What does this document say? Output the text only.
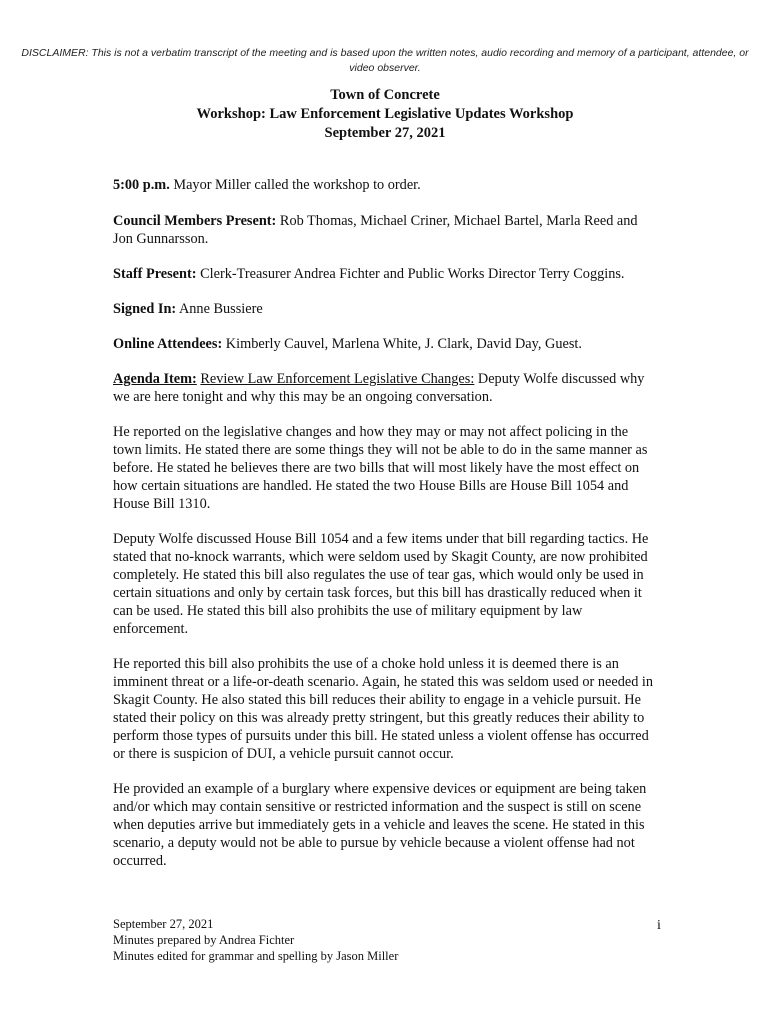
DISCLAIMER: This is not a verbatim transcript of the meeting and is based upon the written notes, audio recording and memory of a participant, attendee, or video observer.
Town of Concrete
Workshop: Law Enforcement Legislative Updates Workshop
September 27, 2021

5:00 p.m. Mayor Miller called the workshop to order.

Council Members Present: Rob Thomas, Michael Criner, Michael Bartel, Marla Reed and Jon Gunnarsson.

Staff Present: Clerk-Treasurer Andrea Fichter and Public Works Director Terry Coggins.

Signed In: Anne Bussiere

Online Attendees: Kimberly Cauvel, Marlena White, J. Clark, David Day, Guest.

Agenda Item: Review Law Enforcement Legislative Changes: Deputy Wolfe discussed why we are here tonight and why this may be an ongoing conversation.

He reported on the legislative changes and how they may or may not affect policing in the town limits. He stated there are some things they will not be able to do in the same manner as before. He stated he believes there are two bills that will most likely have the most effect on how certain situations are handled. He stated the two House Bills are House Bill 1054 and House Bill 1310.

Deputy Wolfe discussed House Bill 1054 and a few items under that bill regarding tactics. He stated that no-knock warrants, which were seldom used by Skagit County, are now prohibited completely. He stated this bill also regulates the use of tear gas, which would only be used in certain situations and only by certain task forces, but this bill has drastically reduced when it can be used. He stated this bill also prohibits the use of military equipment by law enforcement.

He reported this bill also prohibits the use of a choke hold unless it is deemed there is an imminent threat or a life-or-death scenario. Again, he stated this was seldom used or needed in Skagit County. He also stated this bill reduces their ability to engage in a vehicle pursuit. He stated their policy on this was already pretty stringent, but this greatly reduces their ability to perform those types of pursuits under this bill. He stated unless a violent offense has occurred or there is suspicion of DUI, a vehicle pursuit cannot occur.

He provided an example of a burglary where expensive devices or equipment are being taken and/or which may contain sensitive or restricted information and the suspect is still on scene when deputies arrive but immediately gets in a vehicle and leaves the scene. He stated in this scenario, a deputy would not be able to pursue by vehicle because a violent offense had not occurred.

September 27, 2021
Minutes prepared by Andrea Fichter
Minutes edited for grammar and spelling by Jason Miller
i
